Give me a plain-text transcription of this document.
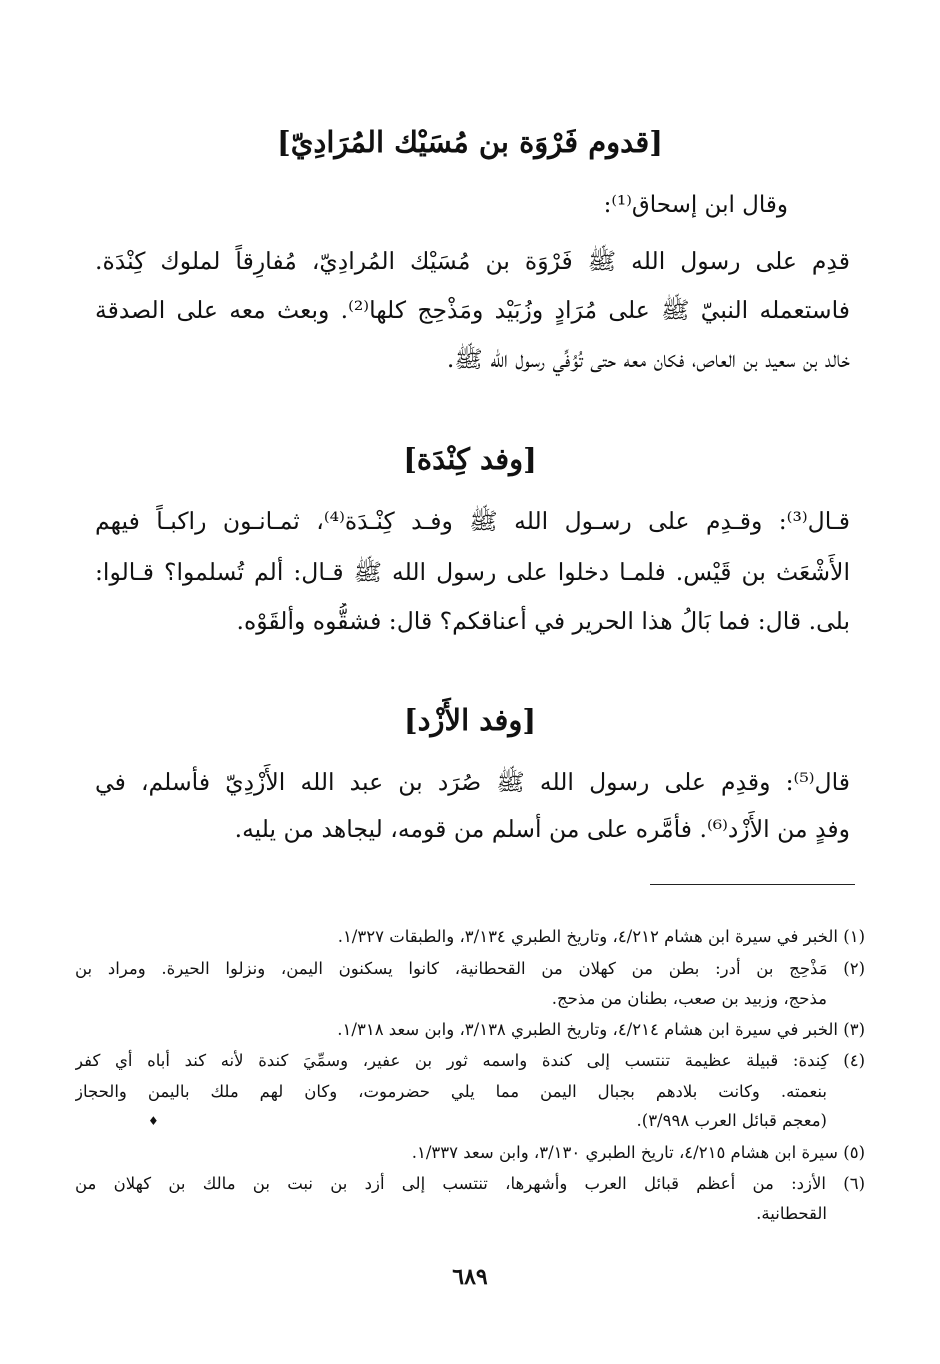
[قدوم فَرْوَة بن مُسَيْك المُرَادِيّ]
وقال ابن إسحاق⁽¹⁾:
قدِم على رسول الله ﷺ فَرْوَة بن مُسَيْك المُرادِيّ، مُفارِقاً لملوك كِنْدَة.
فاستعمله النبيّ ﷺ على مُرَادٍ وزُبَيْد ومَذْحِج كلها⁽²⁾. وبعث معه على الصدقة
خالد بن سعيد بن العاص، فكان معه حتى تُوُفِّي رسول الله ﷺ.
[وفد كِنْدَة]
قـال⁽³⁾: وقـدِم على رسـول الله ﷺ وفـد كِنْـدَة⁽⁴⁾، ثمـانـون راكبـاً فيهم
الأَشْعَث بن قَيْس. فلمـا دخلوا على رسول الله ﷺ قـال: ألم تُسلموا؟ قـالوا:
بلى. قال: فما بَالُ هذا الحرير في أعناقكم؟ قال: فشقُّوه وألقَوْه.
[وفد الأَزْد]
قال⁽⁵⁾: وقدِم على رسول الله ﷺ صُرَد بن عبد الله الأَزْدِيّ فأسلم، في
وفدٍ من الأَزْد⁽⁶⁾. فأمَّره على من أسلم من قومه، ليجاهد من يليه.
(١) الخبر في سيرة ابن هشام ٤/٢١٢، وتاريخ الطبري ٣/١٣٤، والطبقات ١/٣٢٧.
(٢) مَذْحِج بن أدر: بطن من كهلان من القحطانية، كانوا يسكنون اليمن، ونزلوا الحيرة. ومراد بن
مذحج، وزبيد بن صعب، بطنان من مذحج.
(٣) الخبر في سيرة ابن هشام ٤/٢١٤، وتاريخ الطبري ٣/١٣٨، وابن سعد ١/٣١٨.
(٤) كِندة: قبيلة عظيمة تنتسب إلى كندة واسمه ثور بن عفير، وسمِّيَ كندة لأنه كند أباه أي كفر
بنعمته. وكانت بلادهم بجبال اليمن مما يلي حضرموت، وكان لهم ملك باليمن والحجاز
(معجم قبائل العرب ٣/٩٩٨).
(٥) سيرة ابن هشام ٤/٢١٥، تاريخ الطبري ٣/١٣٠، وابن سعد ١/٣٣٧.
(٦) الأزد: من أعظم قبائل العرب وأشهرها، تنتسب إلى أزد بن نبت بن مالك بن كهلان من
القحطانية.
♦
٦٨٩
